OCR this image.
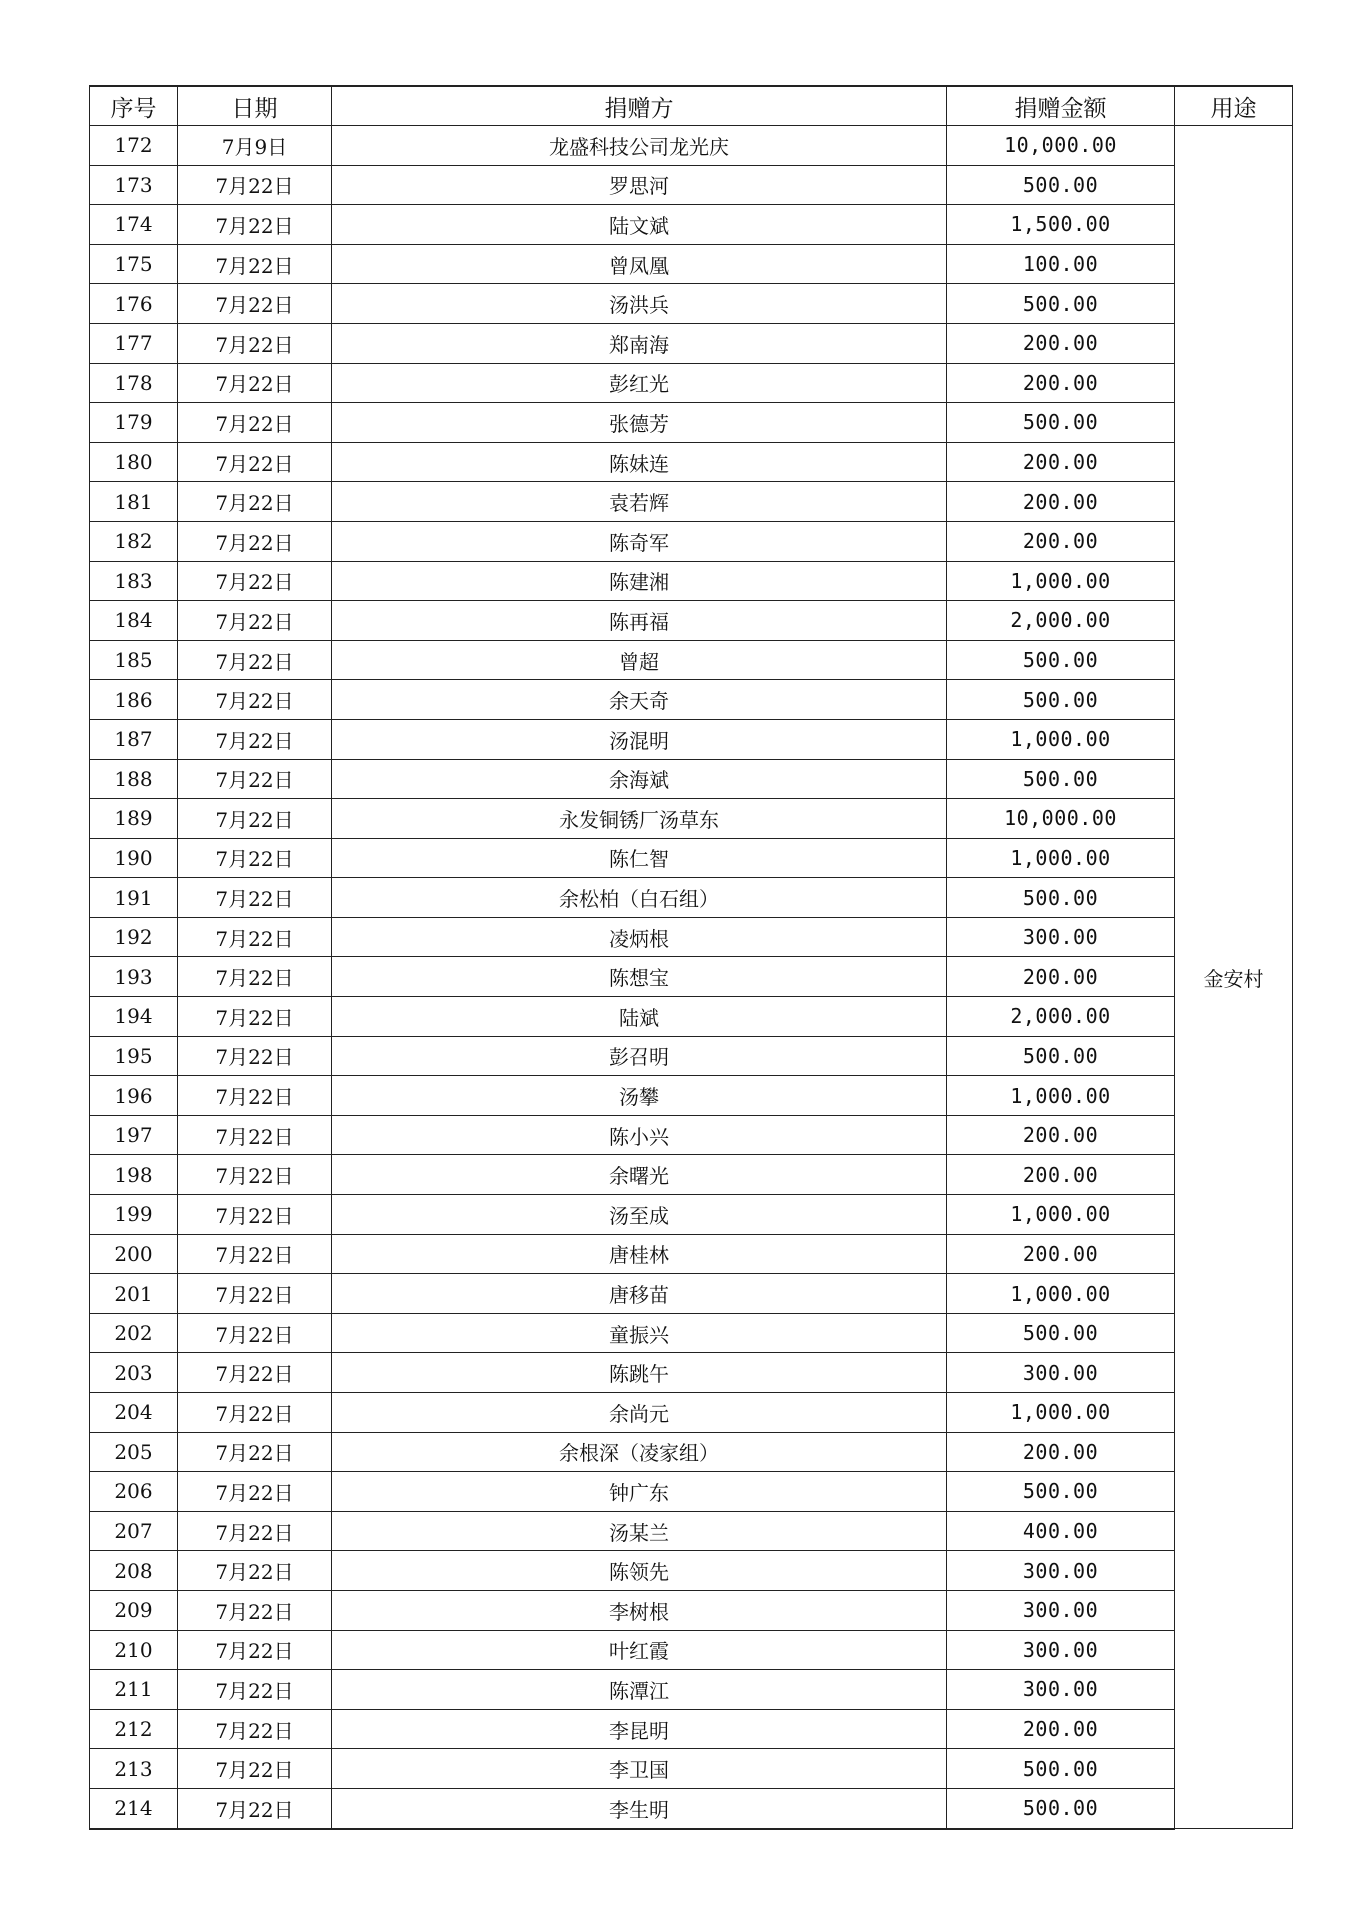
序号	日期	捐赠方	捐赠金额	用途
172	7月9日	龙盛科技公司龙光庆	10,000.00	金安村
173	7月22日	罗思河	500.00	
174	7月22日	陆文斌	1,500.00	
175	7月22日	曾凤凰	100.00	
176	7月22日	汤洪兵	500.00	
177	7月22日	郑南海	200.00	
178	7月22日	彭红光	200.00	
179	7月22日	张德芳	500.00	
180	7月22日	陈妹连	200.00	
181	7月22日	袁若辉	200.00	
182	7月22日	陈奇军	200.00	
183	7月22日	陈建湘	1,000.00	
184	7月22日	陈再福	2,000.00	
185	7月22日	曾超	500.00	
186	7月22日	余天奇	500.00	
187	7月22日	汤混明	1,000.00	
188	7月22日	余海斌	500.00	
189	7月22日	永发铜锈厂汤草东	10,000.00	
190	7月22日	陈仁智	1,000.00	
191	7月22日	余松柏（白石组）	500.00	
192	7月22日	凌炳根	300.00	
193	7月22日	陈想宝	200.00	
194	7月22日	陆斌	2,000.00	
195	7月22日	彭召明	500.00	
196	7月22日	汤攀	1,000.00	
197	7月22日	陈小兴	200.00	
198	7月22日	余曙光	200.00	
199	7月22日	汤至成	1,000.00	
200	7月22日	唐桂林	200.00	
201	7月22日	唐移苗	1,000.00	
202	7月22日	童振兴	500.00	
203	7月22日	陈跳午	300.00	
204	7月22日	余尚元	1,000.00	
205	7月22日	余根深（凌家组）	200.00	
206	7月22日	钟广东	500.00	
207	7月22日	汤某兰	400.00	
208	7月22日	陈领先	300.00	
209	7月22日	李树根	300.00	
210	7月22日	叶红霞	300.00	
211	7月22日	陈潭江	300.00	
212	7月22日	李昆明	200.00	
213	7月22日	李卫国	500.00	
214	7月22日	李生明	500.00	
